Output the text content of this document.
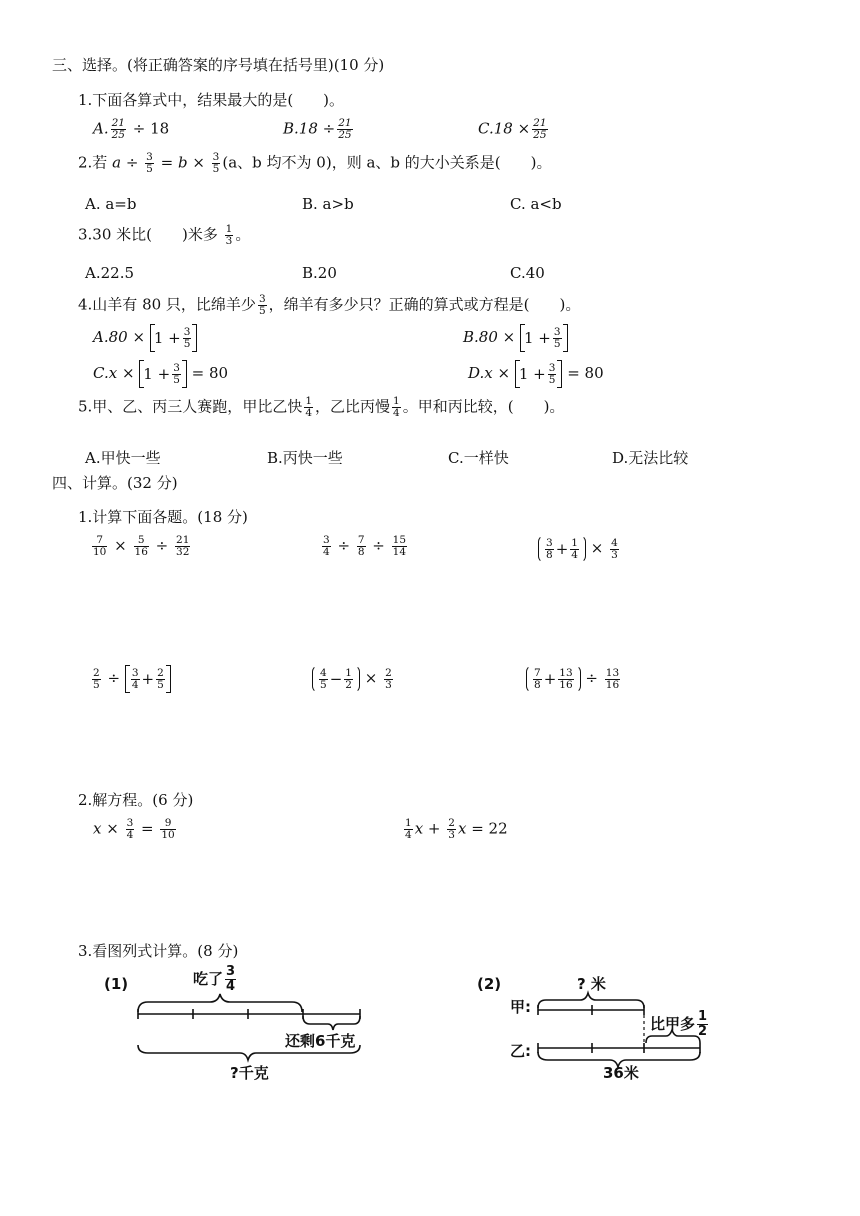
三、选择。(将正确答案的序号填在括号里)(10 分)
1.下面各算式中，结果最大的是(　　)。
A. $\frac{21}{25} \div 18$	$B.18 \div \frac{21}{25}$	$C.18 \times \frac{21}{25}$
2.若 $a \div \frac{3}{5} = b \times \frac{3}{5} (a$、b 均不为 0)，则 a、b 的大小关系是(　　)。
A. a=b	B. a>b	C. a<b
3.30 米比(　　)米多 $\frac{1}{3}$ 。
A.22.5	B.20	C.40
4.山羊有 80 只，比绵羊少 $\frac{3}{5}$ ，绵羊有多少只？正确的算式或方程是(　　)。
$A.80 \times 1 + \frac{3}{5}$	$B.80 \times 1 + \frac{3}{5}$
$C.x \times 1 + \frac{3}{5} = 80$	$D.x \times 1 + \frac{3}{5} = 80$
5.甲、乙、丙三人赛跑，甲比乙快 $\frac{1}{4}$ ，乙比丙慢 $\frac{1}{4}$ 。甲和丙比较，(　　)。
A.甲快一些	B.丙快一些	C.一样快	D.无法比较
四、计算。(32 分)
1.计算下面各题。(18 分)
$\frac{7}{10} \times \frac{5}{16} \div \frac{21}{32}$	$\frac{3}{4} \div \frac{7}{8} \div \frac{15}{14}$	$\frac{3}{8} + \frac{1}{4} \times \frac{4}{3}$
$\frac{2}{5} \div \frac{3}{4} + \frac{2}{5}$	$\frac{4}{5} - \frac{1}{2} \times \frac{2}{3}$	$\frac{7}{8} + \frac{13}{16} \div \frac{13}{16}$
2.解方程。(6 分)
$x \times \frac{3}{4} = \frac{9}{10}$	$\frac{1}{4}$ $x + \frac{2}{3}$ x = 22
3.看图列式计算。(8 分)
(1)	吃了 $\frac{3}{4}$
还剩6千克
?千克
(2)	? 米
甲:
乙:
比甲多 $\frac{1}{2}$
36米
